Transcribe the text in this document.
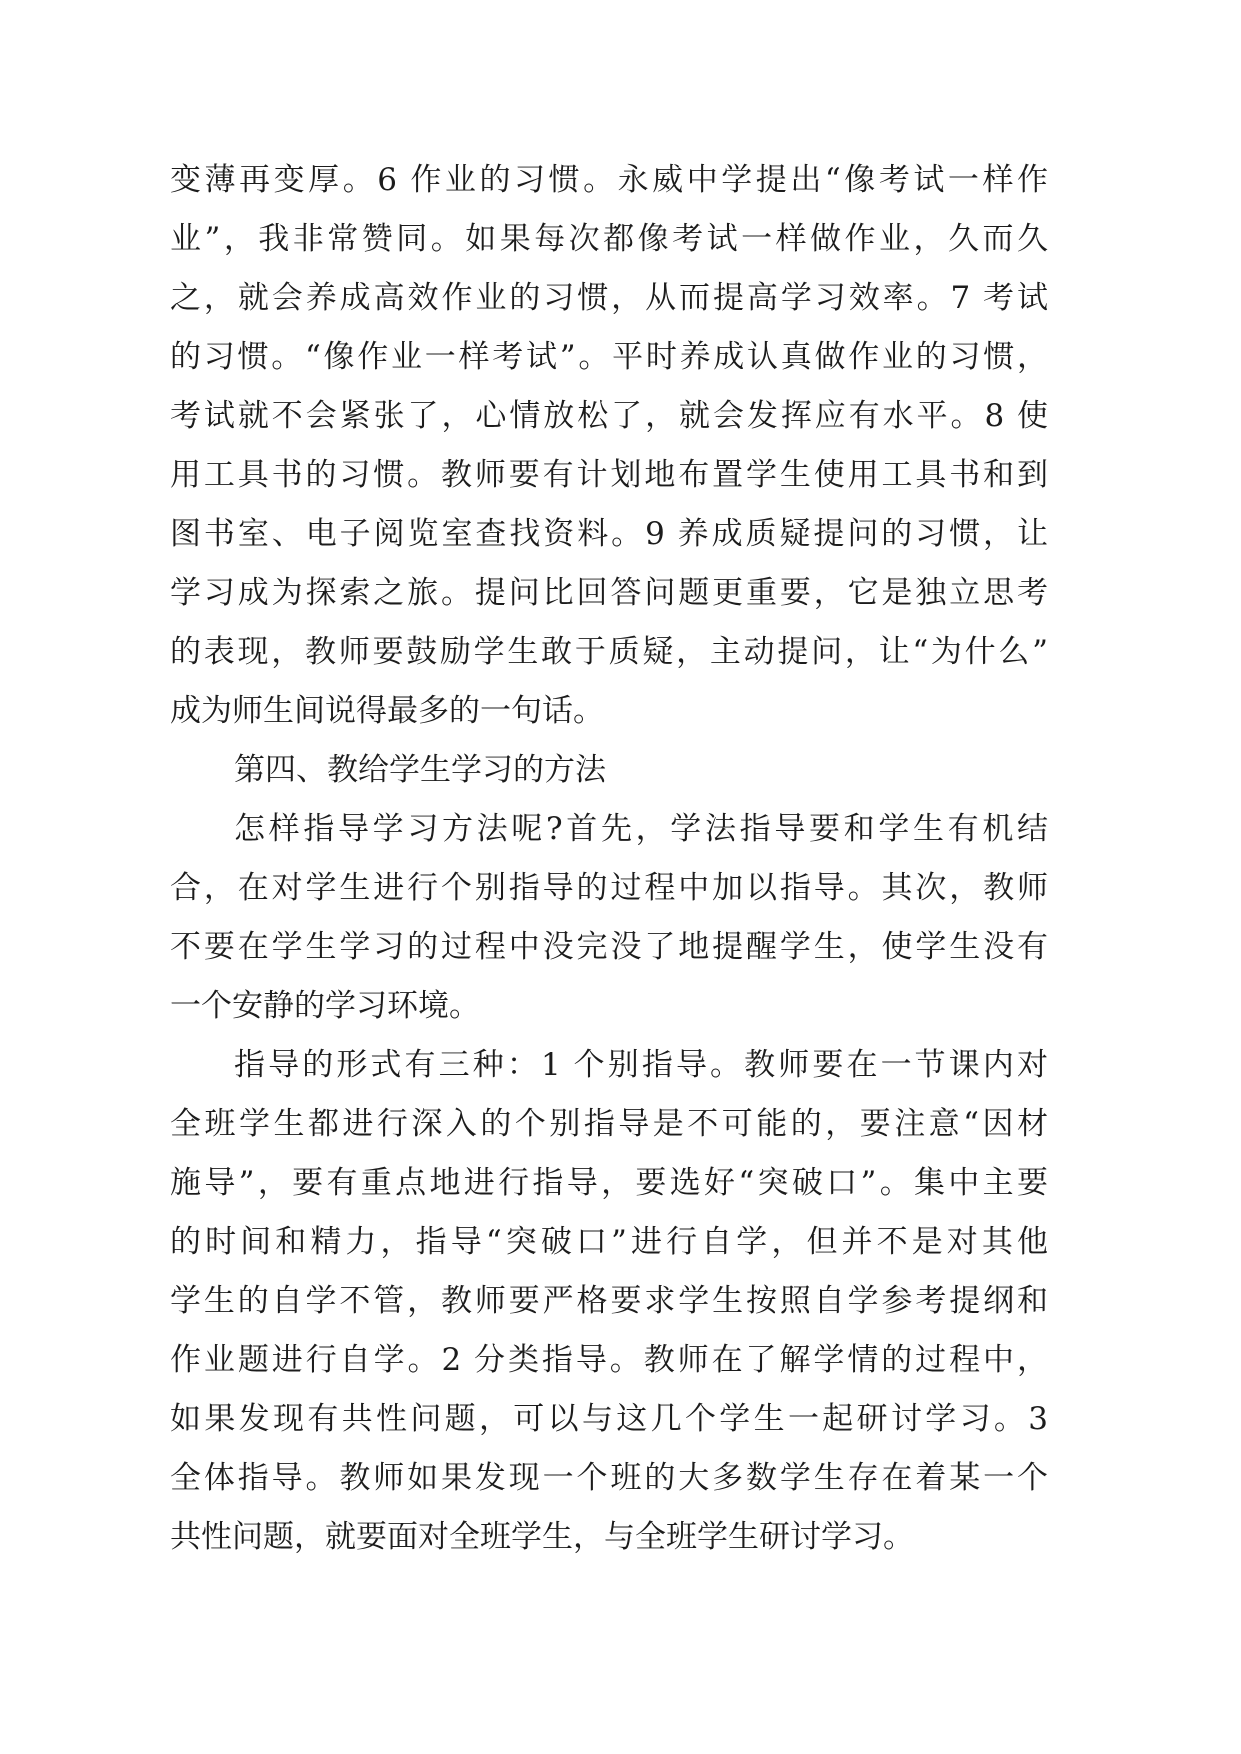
变薄再变厚。6 作业的习惯。永威中学提出“像考试一样作
业”，我非常赞同。如果每次都像考试一样做作业，久而久
之，就会养成高效作业的习惯，从而提高学习效率。7 考试
的习惯。“像作业一样考试”。平时养成认真做作业的习惯，
考试就不会紧张了，心情放松了，就会发挥应有水平。8 使
用工具书的习惯。教师要有计划地布置学生使用工具书和到
图书室、电子阅览室查找资料。9 养成质疑提问的习惯，让
学习成为探索之旅。提问比回答问题更重要，它是独立思考
的表现，教师要鼓励学生敢于质疑，主动提问，让“为什么”
成为师生间说得最多的一句话。
第四、教给学生学习的方法
怎样指导学习方法呢?首先，学法指导要和学生有机结
合，在对学生进行个别指导的过程中加以指导。其次，教师
不要在学生学习的过程中没完没了地提醒学生，使学生没有
一个安静的学习环境。
指导的形式有三种：1 个别指导。教师要在一节课内对
全班学生都进行深入的个别指导是不可能的，要注意“因材
施导”，要有重点地进行指导，要选好“突破口”。集中主要
的时间和精力，指导“突破口”进行自学，但并不是对其他
学生的自学不管，教师要严格要求学生按照自学参考提纲和
作业题进行自学。2 分类指导。教师在了解学情的过程中，
如果发现有共性问题，可以与这几个学生一起研讨学习。3
全体指导。教师如果发现一个班的大多数学生存在着某一个
共性问题，就要面对全班学生，与全班学生研讨学习。
